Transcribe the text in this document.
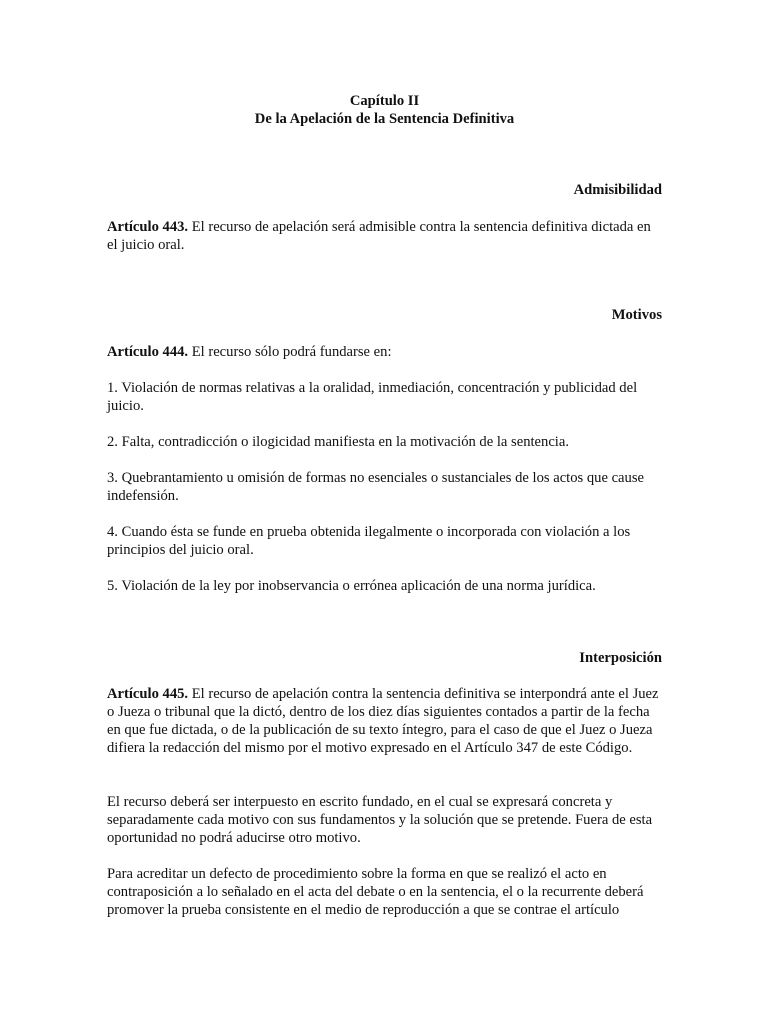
Capítulo II
De la Apelación de la Sentencia Definitiva
Admisibilidad

Artículo 443. El recurso de apelación será admisible contra la sentencia definitiva dictada en el juicio oral.

Motivos

Artículo 444. El recurso sólo podrá fundarse en:

1. Violación de normas relativas a la oralidad, inmediación, concentración y publicidad del juicio.

2. Falta, contradicción o ilogicidad manifiesta en la motivación de la sentencia.

3. Quebrantamiento u omisión de formas no esenciales o sustanciales de los actos que cause indefensión.

4. Cuando ésta se funde en prueba obtenida ilegalmente o incorporada con violación a los principios del juicio oral.

5. Violación de la ley por inobservancia o errónea aplicación de una norma jurídica.

Interposición

Artículo 445. El recurso de apelación contra la sentencia definitiva se interpondrá ante el Juez o Jueza o tribunal que la dictó, dentro de los diez días siguientes contados a partir de la fecha en que fue dictada, o de la publicación de su texto íntegro, para el caso de que el Juez o Jueza difiera la redacción del mismo por el motivo expresado en el Artículo 347 de este Código.

El recurso deberá ser interpuesto en escrito fundado, en el cual se expresará concreta y separadamente cada motivo con sus fundamentos y la solución que se pretende. Fuera de esta oportunidad no podrá aducirse otro motivo.

Para acreditar un defecto de procedimiento sobre la forma en que se realizó el acto en contraposición a lo señalado en el acta del debate o en la sentencia, el o la recurrente deberá promover la prueba consistente en el medio de reproducción a que se contrae el artículo
